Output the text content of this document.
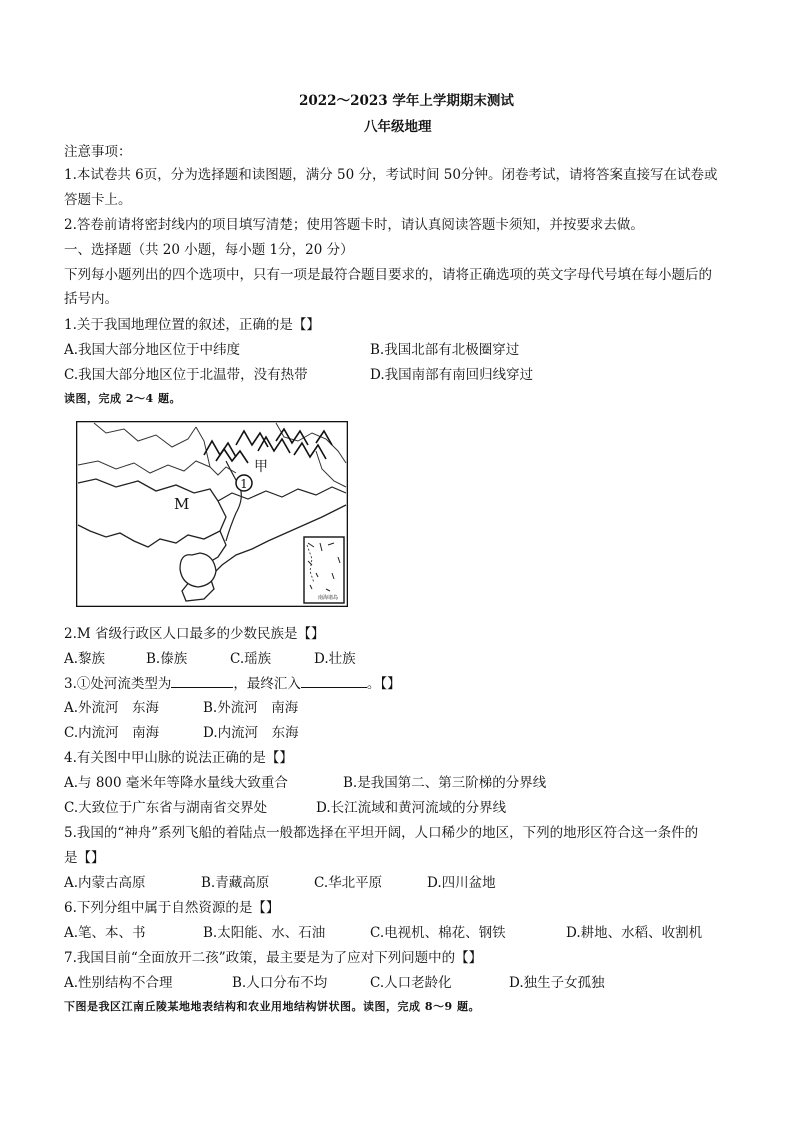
2022～2023 学年上学期期末测试
八年级地理
注意事项：
1.本试卷共 6页，分为选择题和读图题，满分 50 分，考试时间 50分钟。闭卷考试，请将答案直接写在试卷或
答题卡上。
2.答卷前请将密封线内的项目填写清楚；使用答题卡时，请认真阅读答题卡须知，并按要求去做。
一、选择题（共 20 小题，每小题 1分，20 分）
下列每小题列出的四个选项中，只有一项是最符合题目要求的，请将正确选项的英文字母代号填在每小题后的
括号内。
1.关于我国地理位置的叙述，正确的是【】
A.我国大部分地区位于中纬度	B.我国北部有北极圈穿过
C.我国大部分地区位于北温带，没有热带	D.我国南部有南回归线穿过
读图，完成 2～4 题。
1
甲
M
南海诸岛
2.M 省级行政区人口最多的少数民族是【】
A.黎族	B.傣族	C.瑶族	D.壮族
3.①处河流类型为	，最终汇入	。【】
A.外流河　东海	B.外流河　南海
C.内流河　南海	D.内流河　东海
4.有关图中甲山脉的说法正确的是【】
A.与 800 毫米年等降水量线大致重合	B.是我国第二、第三阶梯的分界线
C.大致位于广东省与湖南省交界处	D.长江流域和黄河流域的分界线
5.我国的“神舟”系列飞船的着陆点一般都选择在平坦开阔，人口稀少的地区，下列的地形区符合这一条件的
是【】
A.内蒙古高原	B.青藏高原	C.华北平原	D.四川盆地
6.下列分组中属于自然资源的是【】
A.笔、本、书	B.太阳能、水、石油	C.电视机、棉花、钢铁	D.耕地、水稻、收割机
7.我国目前“全面放开二孩”政策，最主要是为了应对下列问题中的【】
A.性别结构不合理	B.人口分布不均	C.人口老龄化	D.独生子女孤独
下图是我区江南丘陵某地地表结构和农业用地结构饼状图。读图，完成 8～9 题。
